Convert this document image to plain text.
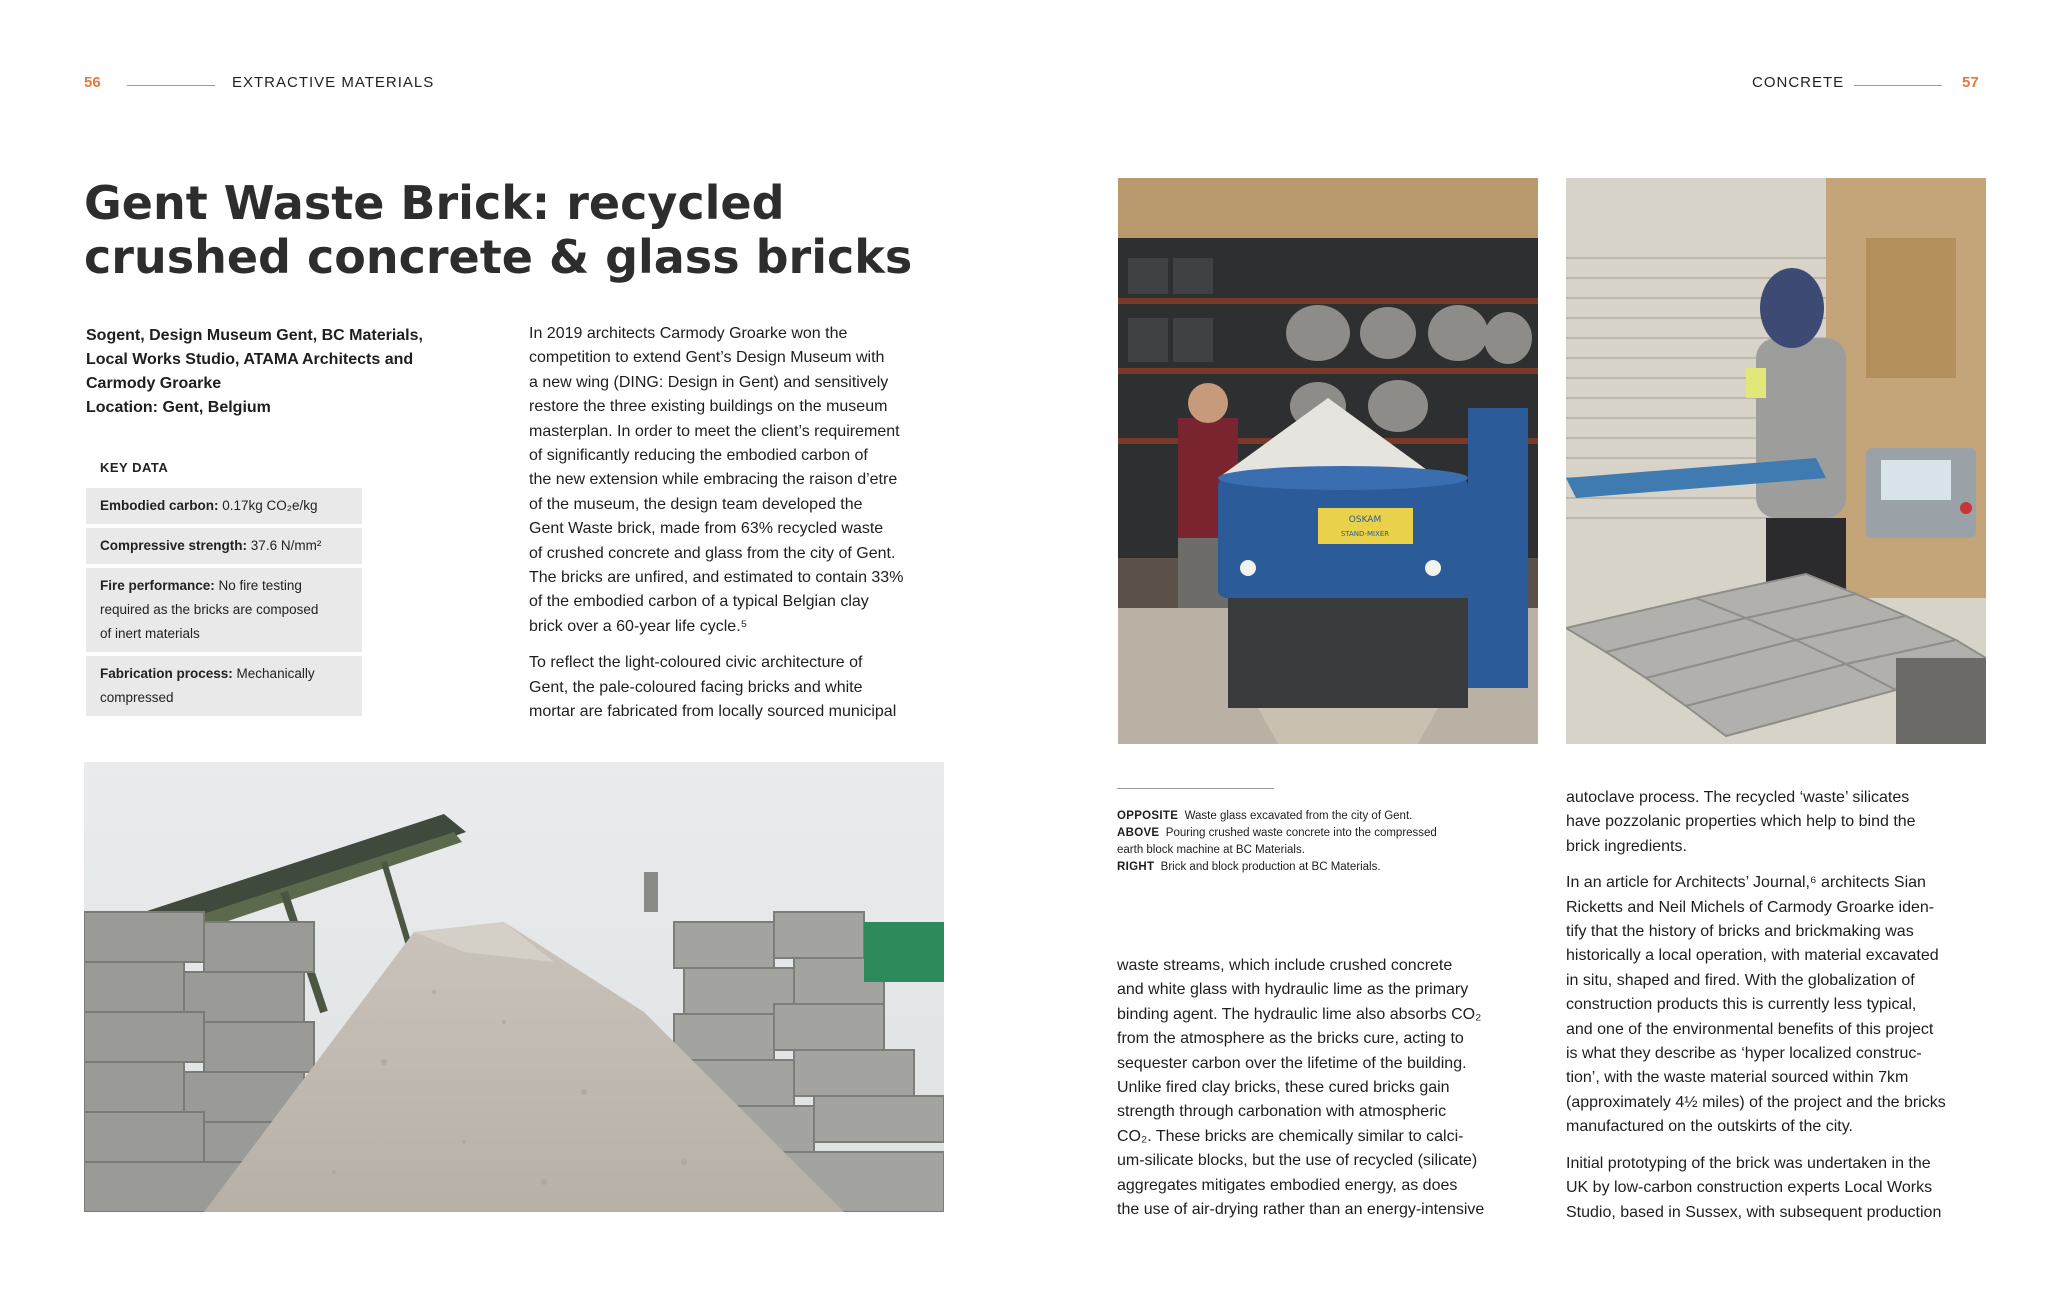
56	EXTRACTIVE MATERIALS	CONCRETE	57
Gent Waste Brick: recycled
crushed concrete & glass bricks
Sogent, Design Museum Gent, BC Materials,
Local Works Studio, ATAMA Architects and
Carmody Groarke
Location: Gent, Belgium
KEY DATA
Embodied carbon: 0.17kg CO₂e/kg
Compressive strength: 37.6 N/mm²
Fire performance: No fire testing
required as the bricks are composed
of inert materials
Fabrication process: Mechanically
compressed
In 2019 architects Carmody Groarke won the
competition to extend Gent’s Design Museum with
a new wing (DING: Design in Gent) and sensitively
restore the three existing buildings on the museum
masterplan. In order to meet the client’s requirement
of significantly reducing the embodied carbon of
the new extension while embracing the raison d’etre
of the museum, the design team developed the
Gent Waste brick, made from 63% recycled waste
of crushed concrete and glass from the city of Gent.
The bricks are unfired, and estimated to contain 33%
of the embodied carbon of a typical Belgian clay
brick over a 60-year life cycle.⁵
To reflect the light-coloured civic architecture of
Gent, the pale-coloured facing bricks and white
mortar are fabricated from locally sourced municipal
OSKAM
STAND-MIXER
OPPOSITE Waste glass excavated from the city of Gent.
ABOVE Pouring crushed waste concrete into the compressed
earth block machine at BC Materials.
RIGHT Brick and block production at BC Materials.
waste streams, which include crushed concrete
and white glass with hydraulic lime as the primary
binding agent. The hydraulic lime also absorbs CO₂
from the atmosphere as the bricks cure, acting to
sequester carbon over the lifetime of the building.
Unlike fired clay bricks, these cured bricks gain
strength through carbonation with atmospheric
CO₂. These bricks are chemically similar to calci-
um-silicate blocks, but the use of recycled (silicate)
aggregates mitigates embodied energy, as does
the use of air-drying rather than an energy-intensive
autoclave process. The recycled ‘waste’ silicates
have pozzolanic properties which help to bind the
brick ingredients.
In an article for Architects’ Journal,⁶ architects Sian
Ricketts and Neil Michels of Carmody Groarke iden-
tify that the history of bricks and brickmaking was
historically a local operation, with material excavated
in situ, shaped and fired. With the globalization of
construction products this is currently less typical,
and one of the environmental benefits of this project
is what they describe as ‘hyper localized construc-
tion’, with the waste material sourced within 7km
(approximately 4½ miles) of the project and the bricks
manufactured on the outskirts of the city.
Initial prototyping of the brick was undertaken in the
UK by low-carbon construction experts Local Works
Studio, based in Sussex, with subsequent production
